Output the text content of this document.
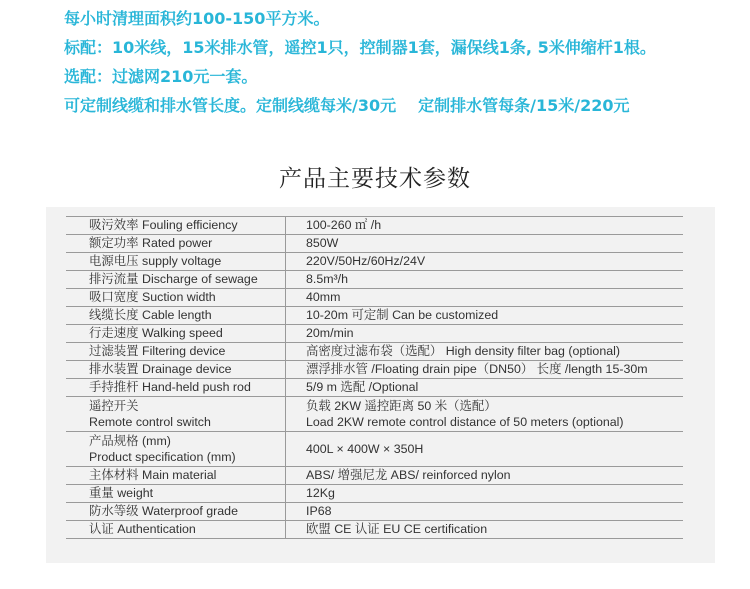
每小时清理面积约100-150平方米。
标配：10米线，15米排水管，遥控1只，控制器1套，漏保线1条, 5米伸缩杆1根。
选配：过滤网210元一套。
可定制线缆和排水管长度。定制线缆每米/30元 定制排水管每条/15米/220元
产品主要技术参数
吸污效率 Fouling efficiency	100-260 ㎡ /h
额定功率 Rated power	850W
电源电压 supply voltage	220V/50Hz/60Hz/24V
排污流量 Discharge of sewage	8.5m³/h
吸口宽度 Suction width	40mm
线缆长度 Cable length	10-20m 可定制 Can be customized
行走速度 Walking speed	20m/min
过滤装置 Filtering device	高密度过滤布袋（选配） High density filter bag (optional)
排水装置 Drainage device	漂浮排水管 /Floating drain pipe（DN50） 长度 /length 15-30m
手持推杆 Hand-held push rod	5/9 m 选配 /Optional

遥控开关
Remote control switch	负载 2KW 遥控距离 50 米（选配）
Load 2KW remote control distance of 50 meters (optional)

产品规格 (mm)
Product specification (mm)	400L × 400W × 350H
主体材料 Main material	ABS/ 增强尼龙 ABS/ reinforced nylon
重量 weight	12Kg
防水等级 Waterproof grade	IP68
认证 Authentication	欧盟 CE 认证 EU CE certification
